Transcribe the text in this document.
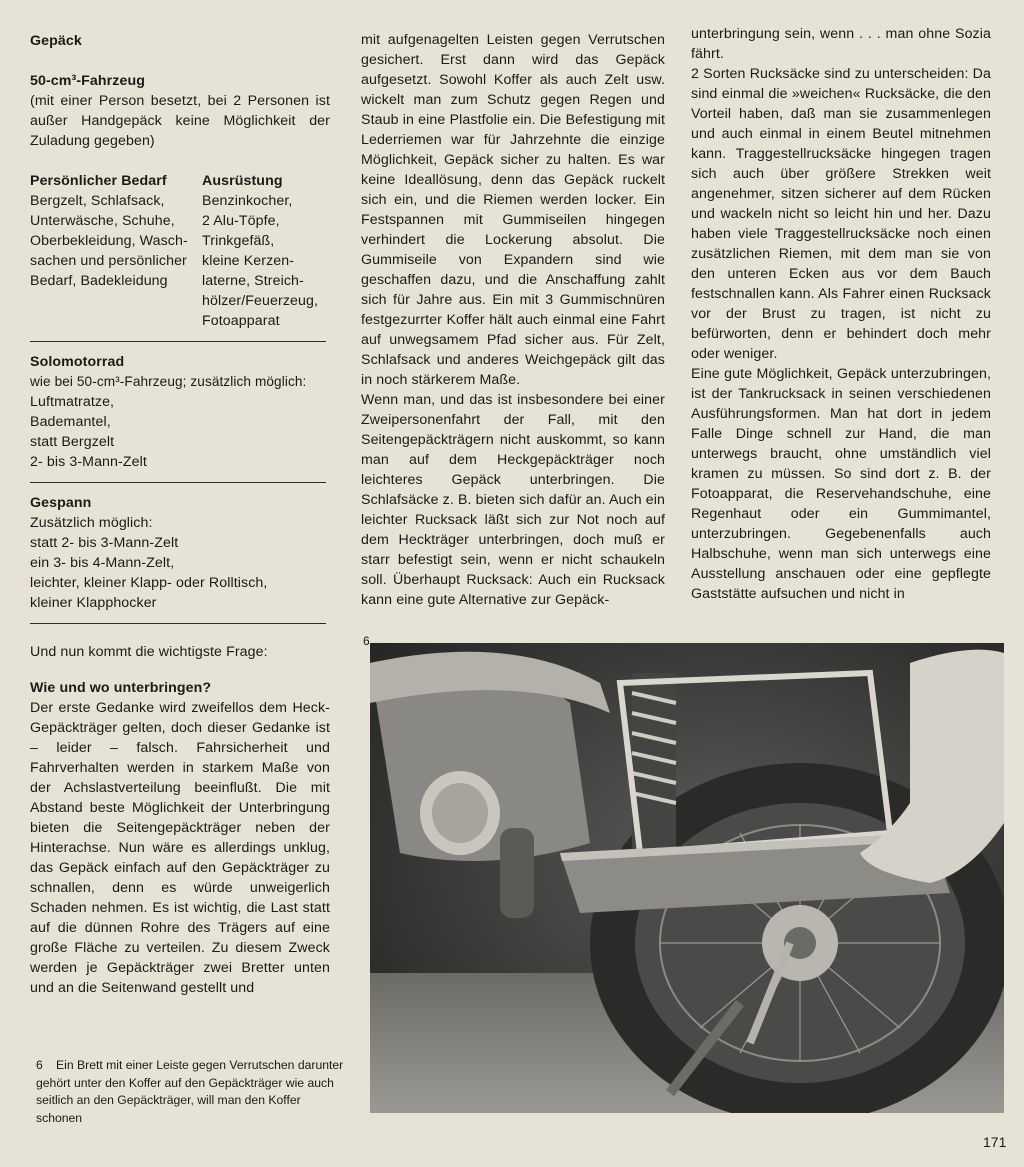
Gepäck
50-cm³-Fahrzeug

(mit einer Person besetzt, bei 2 Personen ist außer Handgepäck keine Möglichkeit der Zuladung gegeben)

Persönlicher Bedarf
Bergzelt, Schlafsack,
Unterwäsche, Schuhe,
Oberbekleidung, Wasch-
sachen und persönlicher
Bedarf, Badekleidung
Ausrüstung
Benzinkocher,
2 Alu-Töpfe,
Trinkgefäß,
kleine Kerzen-
laterne, Streich-
hölzer/Feuerzeug,
Fotoapparat
Solomotorrad
wie bei 50-cm³-Fahrzeug; zusätzlich möglich:
Luftmatratze,
Bademantel,
statt Bergzelt
2- bis 3-Mann-Zelt
Gespann
Zusätzlich möglich:
statt 2- bis 3-Mann-Zelt
ein 3- bis 4-Mann-Zelt,
leichter, kleiner Klapp- oder Rolltisch,
kleiner Klapphocker
Und nun kommt die wichtigste Frage:
Wie und wo unterbringen?

Der erste Gedanke wird zweifellos dem Heck-Gepäckträger gelten, doch dieser Gedanke ist – leider – falsch. Fahrsicherheit und Fahrverhalten werden in starkem Maße von der Achslastverteilung beeinflußt. Die mit Abstand beste Möglichkeit der Unterbringung bieten die Seitengepäckträger neben der Hinterachse. Nun wäre es allerdings unklug, das Gepäck einfach auf den Gepäckträger zu schnallen, denn es würde unweigerlich Schaden nehmen. Es ist wichtig, die Last statt auf die dünnen Rohre des Trägers auf eine große Fläche zu verteilen. Zu diesem Zweck werden je Gepäckträger zwei Bretter unten und an die Seitenwand gestellt und

mit aufgenagelten Leisten gegen Verrutschen gesichert. Erst dann wird das Gepäck aufgesetzt. Sowohl Koffer als auch Zelt usw. wickelt man zum Schutz gegen Regen und Staub in eine Plastfolie ein. Die Befestigung mit Lederriemen war für Jahrzehnte die einzige Möglichkeit, Gepäck sicher zu halten. Es war keine Ideallösung, denn das Gepäck ruckelt sich ein, und die Riemen werden locker. Ein Festspannen mit Gummiseilen hingegen verhindert die Lockerung absolut. Die Gummiseile von Expandern sind wie geschaffen dazu, und die Anschaffung zahlt sich für Jahre aus. Ein mit 3 Gummischnüren festgezurrter Koffer hält auch einmal eine Fahrt auf unwegsamem Pfad sicher aus. Für Zelt, Schlafsack und anderes Weichgepäck gilt das in noch stärkerem Maße.

Wenn man, und das ist insbesondere bei einer Zweipersonenfahrt der Fall, mit den Seitengepäckträgern nicht auskommt, so kann man auf dem Heckgepäckträger noch leichteres Gepäck unterbringen. Die Schlafsäcke z. B. bieten sich dafür an. Auch ein leichter Rucksack läßt sich zur Not noch auf dem Heckträger unterbringen, doch muß er starr befestigt sein, wenn er nicht schaukeln soll. Überhaupt Rucksack: Auch ein Rucksack kann eine gute Alternative zur Gepäck-

unterbringung sein, wenn . . . man ohne Sozia fährt.

2 Sorten Rucksäcke sind zu unterscheiden: Da sind einmal die »weichen« Rucksäcke, die den Vorteil haben, daß man sie zusammenlegen und auch einmal in einem Beutel mitnehmen kann. Traggestellrucksäcke hingegen tragen sich auch über größere Strekken weit angenehmer, sitzen sicherer auf dem Rücken und wackeln nicht so leicht hin und her. Dazu haben viele Traggestellrucksäcke noch einen zusätzlichen Riemen, mit dem man sie von den unteren Ecken aus vor dem Bauch festschnallen kann. Als Fahrer einen Rucksack vor der Brust zu tragen, ist nicht zu befürworten, denn er behindert doch mehr oder weniger.

Eine gute Möglichkeit, Gepäck unterzubringen, ist der Tankrucksack in seinen verschiedenen Ausführungsformen. Man hat dort in jedem Falle Dinge schnell zur Hand, die man unterwegs braucht, ohne umständlich viel kramen zu müssen. So sind dort z. B. der Fotoapparat, die Reservehandschuhe, eine Regenhaut oder ein Gummimantel, unterzubringen. Gegebenenfalls auch Halbschuhe, wenn man sich unterwegs eine Ausstellung anschauen oder eine gepflegte Gaststätte aufsuchen und nicht in

6
6 Ein Brett mit einer Leiste gegen Verrutschen darunter gehört unter den Koffer auf den Gepäckträger wie auch seitlich an den Gepäckträger, will man den Koffer schonen
171
